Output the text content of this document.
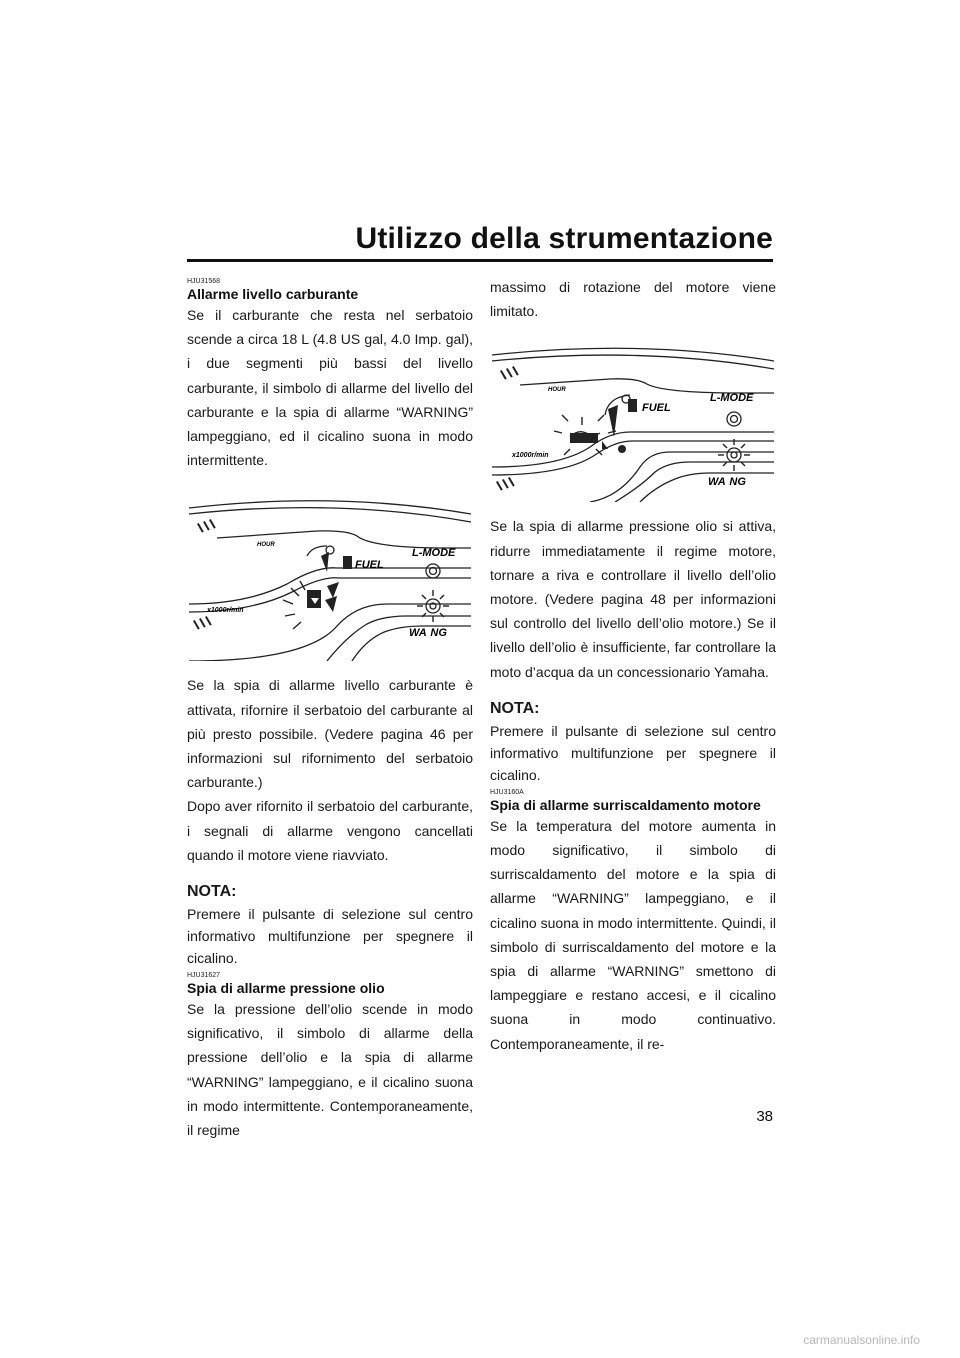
Utilizzo della strumentazione
HJU31568
Allarme livello carburante

Se il carburante che resta nel serbatoio scende a circa 18 L (4.8 US gal, 4.0 Imp. gal), i due segmenti più bassi del livello carburante, il simbolo di allarme del livello del carburante e la spia di allarme “WARNING” lampeggiano, ed il cicalino suona in modo intermittente.

HOUR
FUEL
L-MODE
x1000r/min
WA  NG

Se la spia di allarme livello carburante è attivata, rifornire il serbatoio del carburante al più presto possibile. (Vedere pagina 46 per informazioni sul rifornimento del serbatoio carburante.)

Dopo aver rifornito il serbatoio del carburante, i segnali di allarme vengono cancellati quando il motore viene riavviato.

NOTA:

Premere il pulsante di selezione sul centro informativo multifunzione per spegnere il cicalino.

HJU31627
Spia di allarme pressione olio

Se la pressione dell’olio scende in modo significativo, il simbolo di allarme della pressione dell’olio e la spia di allarme “WARNING” lampeggiano, e il cicalino suona in modo intermittente. Contemporaneamente, il regime

massimo di rotazione del motore viene limitato.

HOUR
FUEL
L-MODE
x1000r/min
WA  NG

Se la spia di allarme pressione olio si attiva, ridurre immediatamente il regime motore, tornare a riva e controllare il livello dell’olio motore. (Vedere pagina 48 per informazioni sul controllo del livello dell’olio motore.) Se il livello dell’olio è insufficiente, far controllare la moto d’acqua da un concessionario Yamaha.

NOTA:

Premere il pulsante di selezione sul centro informativo multifunzione per spegnere il cicalino.

HJU3160A
Spia di allarme surriscaldamento motore

Se la temperatura del motore aumenta in modo significativo, il simbolo di surriscaldamento del motore e la spia di allarme “WARNING” lampeggiano, e il cicalino suona in modo intermittente. Quindi, il simbolo di surriscaldamento del motore e la spia di allarme “WARNING” smettono di lampeggiare e restano accesi, e il cicalino suona in modo continuativo. Contemporaneamente, il re-

38
carmanualsonline.info
